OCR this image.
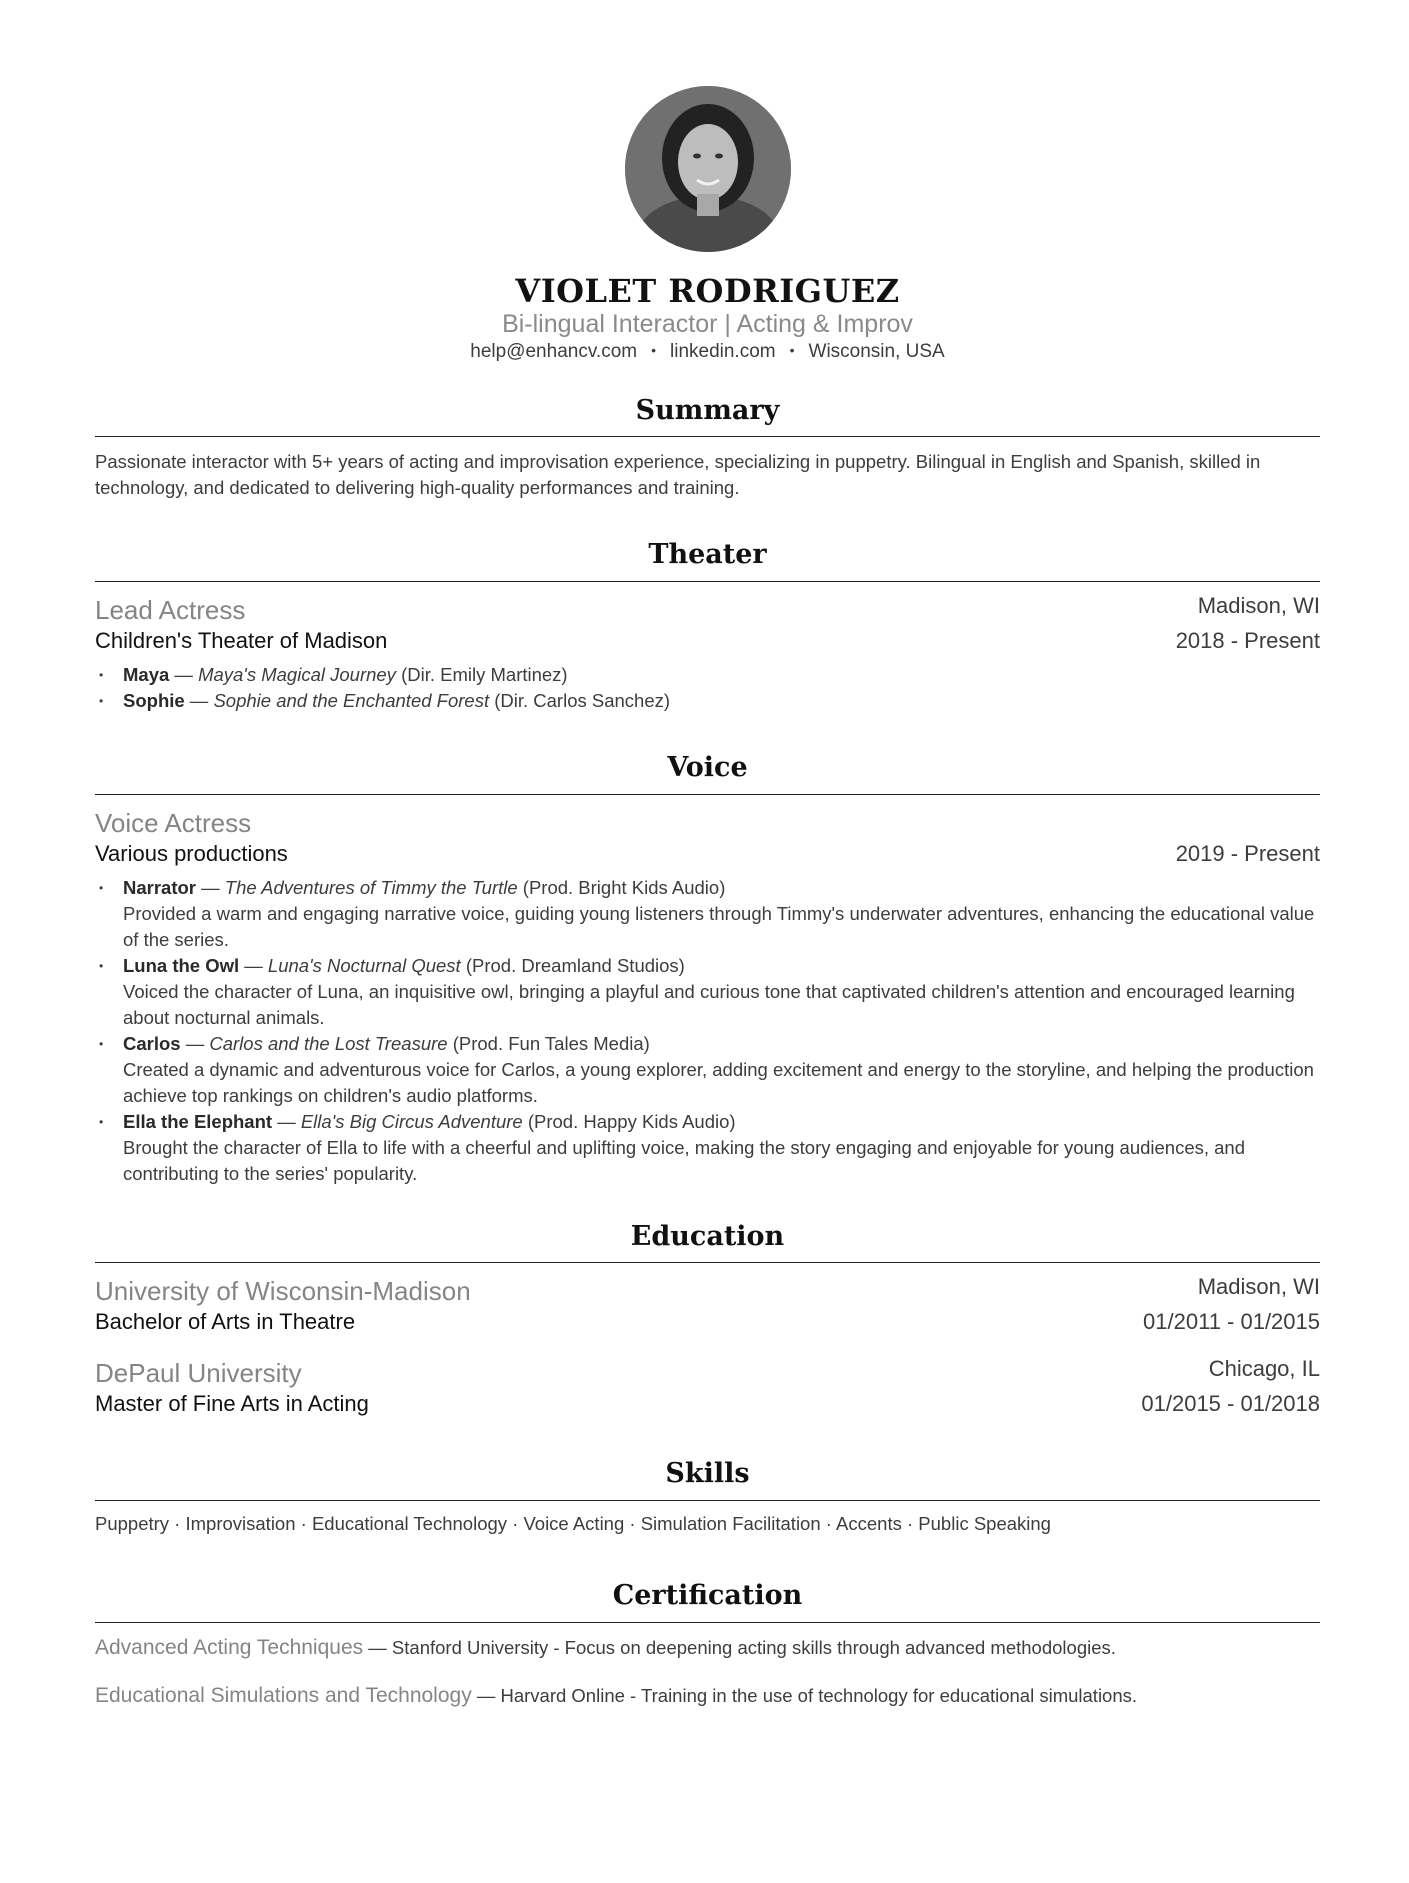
VIOLET RODRIGUEZ
Bi-lingual Interactor | Acting & Improv
help@enhancv.com • linkedin.com • Wisconsin, USA
Summary
Passionate interactor with 5+ years of acting and improvisation experience, specializing in puppetry. Bilingual in English and Spanish, skilled in technology, and dedicated to delivering high-quality performances and training.
Theater
Lead Actress	Madison, WI
Children's Theater of Madison	2018 - Present
• Maya — Maya's Magical Journey (Dir. Emily Martinez)
• Sophie — Sophie and the Enchanted Forest (Dir. Carlos Sanchez)
Voice
Voice Actress
Various productions	2019 - Present
• Narrator — The Adventures of Timmy the Turtle (Prod. Bright Kids Audio)
Provided a warm and engaging narrative voice, guiding young listeners through Timmy's underwater adventures, enhancing the educational value of the series.
• Luna the Owl — Luna's Nocturnal Quest (Prod. Dreamland Studios)
Voiced the character of Luna, an inquisitive owl, bringing a playful and curious tone that captivated children's attention and encouraged learning about nocturnal animals.
• Carlos — Carlos and the Lost Treasure (Prod. Fun Tales Media)
Created a dynamic and adventurous voice for Carlos, a young explorer, adding excitement and energy to the storyline, and helping the production achieve top rankings on children's audio platforms.
• Ella the Elephant — Ella's Big Circus Adventure (Prod. Happy Kids Audio)
Brought the character of Ella to life with a cheerful and uplifting voice, making the story engaging and enjoyable for young audiences, and contributing to the series' popularity.
Education
University of Wisconsin-Madison	Madison, WI
Bachelor of Arts in Theatre	01/2011 - 01/2015
DePaul University	Chicago, IL
Master of Fine Arts in Acting	01/2015 - 01/2018
Skills
Puppetry · Improvisation · Educational Technology · Voice Acting · Simulation Facilitation · Accents · Public Speaking
Certification
Advanced Acting Techniques — Stanford University - Focus on deepening acting skills through advanced methodologies.
Educational Simulations and Technology — Harvard Online - Training in the use of technology for educational simulations.
